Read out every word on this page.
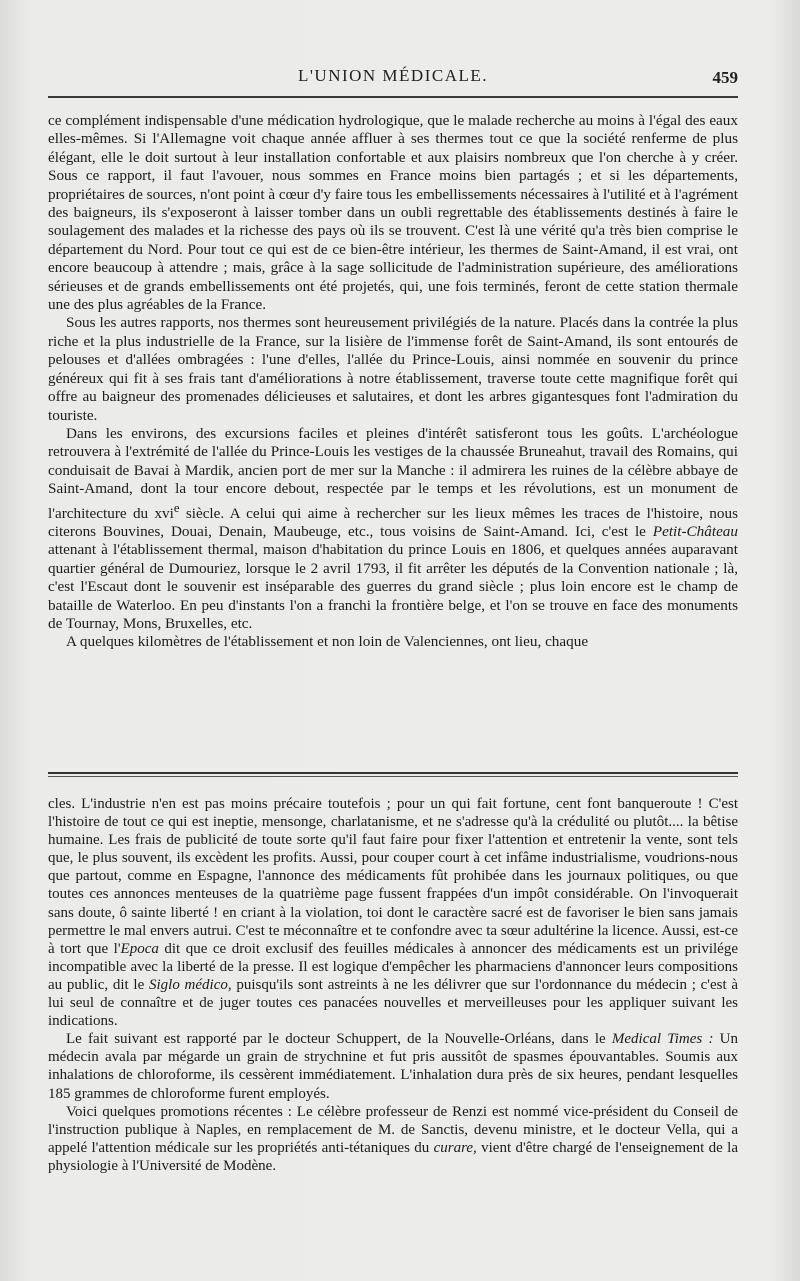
L'UNION MÉDICALE.	459

ce complément indispensable d'une médication hydrologique, que le malade recherche au moins à l'égal des eaux elles-mêmes. Si l'Allemagne voit chaque année affluer à ses thermes tout ce que la société renferme de plus élégant, elle le doit surtout à leur installation confortable et aux plaisirs nombreux que l'on cherche à y créer. Sous ce rapport, il faut l'avouer, nous sommes en France moins bien partagés ; et si les départements, propriétaires de sources, n'ont point à cœur d'y faire tous les embellissements nécessaires à l'utilité et à l'agrément des baigneurs, ils s'exposeront à laisser tomber dans un oubli regrettable des établissements destinés à faire le soulagement des malades et la richesse des pays où ils se trouvent. C'est là une vérité qu'a très bien comprise le département du Nord. Pour tout ce qui est de ce bien-être intérieur, les thermes de Saint-Amand, il est vrai, ont encore beaucoup à attendre ; mais, grâce à la sage sollicitude de l'administration supérieure, des améliorations sérieuses et de grands embellissements ont été projetés, qui, une fois terminés, feront de cette station thermale une des plus agréables de la France.

Sous les autres rapports, nos thermes sont heureusement privilégiés de la nature. Placés dans la contrée la plus riche et la plus industrielle de la France, sur la lisière de l'immense forêt de Saint-Amand, ils sont entourés de pelouses et d'allées ombragées : l'une d'elles, l'allée du Prince-Louis, ainsi nommée en souvenir du prince généreux qui fit à ses frais tant d'améliorations à notre établissement, traverse toute cette magnifique forêt qui offre au baigneur des promenades délicieuses et salutaires, et dont les arbres gigantesques font l'admiration du touriste.

Dans les environs, des excursions faciles et pleines d'intérêt satisferont tous les goûts. L'archéologue retrouvera à l'extrémité de l'allée du Prince-Louis les vestiges de la chaussée Bruneahut, travail des Romains, qui conduisait de Bavai à Mardik, ancien port de mer sur la Manche : il admirera les ruines de la célèbre abbaye de Saint-Amand, dont la tour encore debout, respectée par le temps et les révolutions, est un monument de l'architecture du xvi$^e$ siècle. A celui qui aime à rechercher sur les lieux mêmes les traces de l'histoire, nous citerons Bouvines, Douai, Denain, Maubeuge, etc., tous voisins de Saint-Amand. Ici, c'est le Petit-Château attenant à l'établissement thermal, maison d'habitation du prince Louis en 1806, et quelques années auparavant quartier général de Dumouriez, lorsque le 2 avril 1793, il fit arrêter les députés de la Convention nationale ; là, c'est l'Escaut dont le souvenir est inséparable des guerres du grand siècle ; plus loin encore est le champ de bataille de Waterloo. En peu d'instants l'on a franchi la frontière belge, et l'on se trouve en face des monuments de Tournay, Mons, Bruxelles, etc.

A quelques kilomètres de l'établissement et non loin de Valenciennes, ont lieu, chaque

cles. L'industrie n'en est pas moins précaire toutefois ; pour un qui fait fortune, cent font banqueroute ! C'est l'histoire de tout ce qui est ineptie, mensonge, charlatanisme, et ne s'adresse qu'à la crédulité ou plutôt.... la bêtise humaine. Les frais de publicité de toute sorte qu'il faut faire pour fixer l'attention et entretenir la vente, sont tels que, le plus souvent, ils excèdent les profits. Aussi, pour couper court à cet infâme industrialisme, voudrions-nous que partout, comme en Espagne, l'annonce des médicaments fût prohibée dans les journaux politiques, ou que toutes ces annonces menteuses de la quatrième page fussent frappées d'un impôt considérable. On l'invoquerait sans doute, ô sainte liberté ! en criant à la violation, toi dont le caractère sacré est de favoriser le bien sans jamais permettre le mal envers autrui. C'est te méconnaître et te confondre avec ta sœur adultérine la licence. Aussi, est-ce à tort que l'Epoca dit que ce droit exclusif des feuilles médicales à annoncer des médicaments est un privilége incompatible avec la liberté de la presse. Il est logique d'empêcher les pharmaciens d'annoncer leurs compositions au public, dit le Siglo médico, puisqu'ils sont astreints à ne les délivrer que sur l'ordonnance du médecin ; c'est à lui seul de connaître et de juger toutes ces panacées nouvelles et merveilleuses pour les appliquer suivant les indications.

Le fait suivant est rapporté par le docteur Schuppert, de la Nouvelle-Orléans, dans le Medical Times : Un médecin avala par mégarde un grain de strychnine et fut pris aussitôt de spasmes épouvantables. Soumis aux inhalations de chloroforme, ils cessèrent immédiatement. L'inhalation dura près de six heures, pendant lesquelles 185 grammes de chloroforme furent employés.

Voici quelques promotions récentes : Le célèbre professeur de Renzi est nommé vice-président du Conseil de l'instruction publique à Naples, en remplacement de M. de Sanctis, devenu ministre, et le docteur Vella, qui a appelé l'attention médicale sur les propriétés anti-tétaniques du curare, vient d'être chargé de l'enseignement de la physiologie à l'Université de Modène.
